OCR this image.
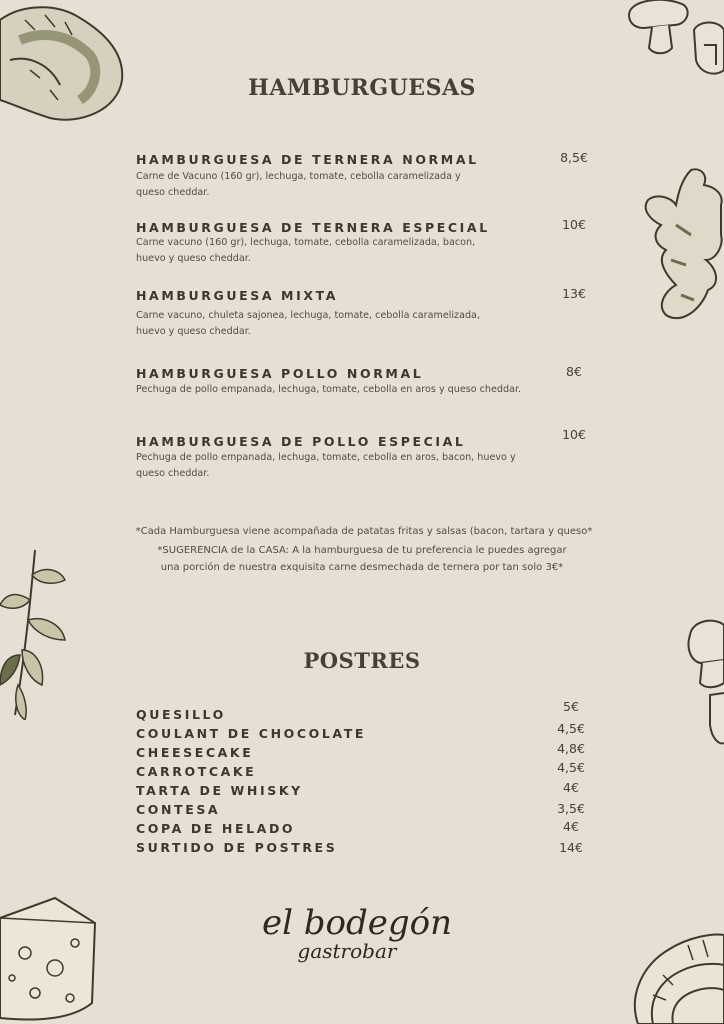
HAMBURGUESAS
HAMBURGUESA DE TERNERA NORMAL
Carne de Vacuno (160 gr), lechuga, tomate, cebolla caramelizada y queso cheddar.
8,5€
HAMBURGUESA DE TERNERA ESPECIAL
Carne vacuno (160 gr), lechuga, tomate, cebolla caramelizada, bacon, huevo y queso cheddar.
10€
HAMBURGUESA MIXTA
Carne vacuno, chuleta sajonea, lechuga, tomate, cebolla caramelizada, huevo y queso cheddar.
13€
HAMBURGUESA POLLO NORMAL
Pechuga de pollo empanada, lechuga, tomate, cebolla en aros y queso cheddar.
8€
HAMBURGUESA DE POLLO ESPECIAL
Pechuga de pollo empanada, lechuga, tomate, cebolla en aros, bacon, huevo y queso cheddar.
10€
*Cada Hamburguesa viene acompañada de patatas fritas y salsas (bacon, tartara y queso*
*SUGERENCIA de la CASA: A la hamburguesa de tu preferencia le puedes agregar
una porción de nuestra exquisita carne desmechada de ternera por tan solo 3€*
POSTRES
QUESILLO
5€
COULANT DE CHOCOLATE	4,5€
CHEESECAKE	4,8€
CARROTCAKE	4,5€
TARTA DE WHISKY	4€
CONTESA	3,5€
COPA DE HELADO	4€
SURTIDO DE POSTRES	14€
el bodegón
gastrobar
